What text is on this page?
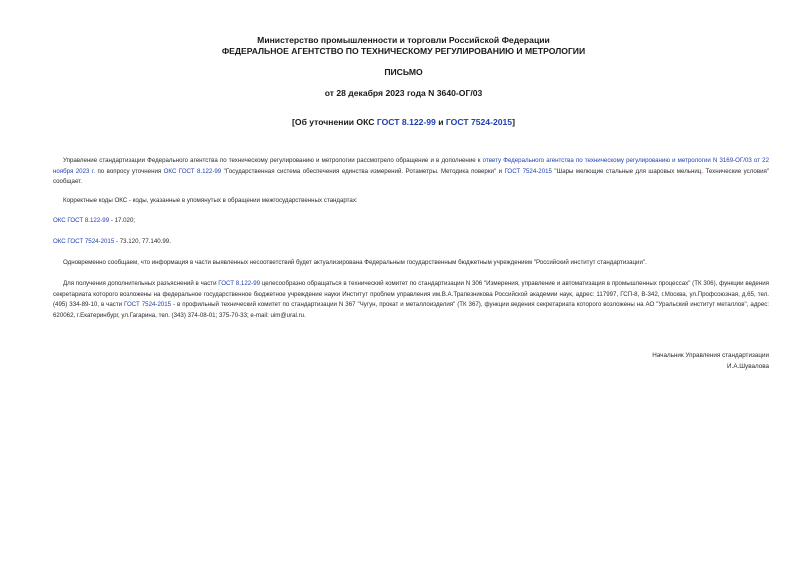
Министерство промышленности и торговли Российской Федерации
ФЕДЕРАЛЬНОЕ АГЕНТСТВО ПО ТЕХНИЧЕСКОМУ РЕГУЛИРОВАНИЮ И МЕТРОЛОГИИ
ПИСЬМО
от 28 декабря 2023 года N 3640-ОГ/03
[Об уточнении ОКС ГОСТ 8.122-99 и ГОСТ 7524-2015]
Управление стандартизации Федерального агентства по техническому регулированию и метрологии рассмотрело обращение и в дополнение к ответу Федерального агентства по техническому регулированию и метрологии N 3169-ОГ/03 от 22 ноября 2023 г. по вопросу уточнения ОКС ГОСТ 8.122-99 "Государственная система обеспечения единства измерений. Ротаметры. Методика поверки" и ГОСТ 7524-2015 "Шары мелющие стальные для шаровых мельниц. Технические условия" сообщает.
Корректные коды ОКС - коды, указанные в упомянутых в обращении межгосударственных стандартах:
ОКС ГОСТ 8.122-99 - 17.020;
ОКС ГОСТ 7524-2015 - 73.120, 77.140.99.
Одновременно сообщаем, что информация в части выявленных несоответствий будет актуализирована Федеральным государственным бюджетным учреждением "Российский институт стандартизации".
Для получения дополнительных разъяснений в части ГОСТ 8.122-99 целесообразно обращаться в технический комитет по стандартизации N 306 "Измерения, управление и автоматизация в промышленных процессах" (ТК 306), функции ведения секретариата которого возложены на федеральное государственное бюджетное учреждение науки Институт проблем управления им.В.А.Трапезникова Российской академии наук, адрес: 117997, ГСП-8, В-342, г.Москва, ул.Профсоюзная, д.65, тел. (495) 334-89-10, в части ГОСТ 7524-2015 - в профильный технический комитет по стандартизации N 367 "Чугун, прокат и металлоизделия" (ТК 367), функции ведения секретариата которого возложены на АО "Уральский институт металлов", адрес: 620062, г.Екатеринбург, ул.Гагарина, тел. (343) 374-08-01; 375-70-33; e-mail: uim@ural.ru.
Начальник Управления стандартизации
И.А.Шувалова
